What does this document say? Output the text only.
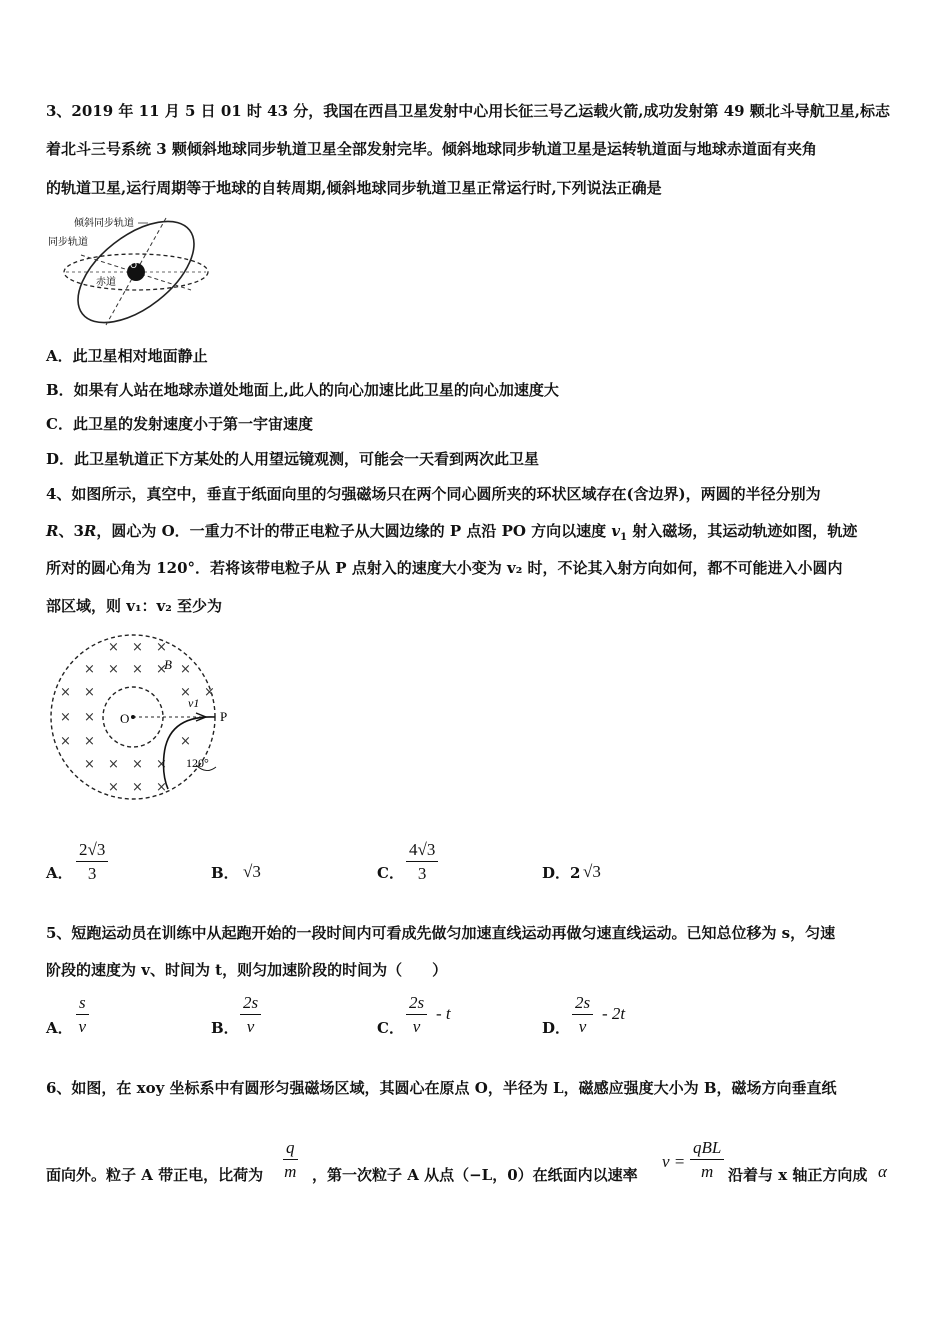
3、2019 年 11 月 5 日 01 时 43 分，我国在西昌卫星发射中心用长征三号乙运载火箭,成功发射第 49 颗北斗导航卫星,标志
着北斗三号系统 3 颗倾斜地球同步轨道卫星全部发射完毕。倾斜地球同步轨道卫星是运转轨道面与地球赤道面有夹角
的轨道卫星,运行周期等于地球的自转周期,倾斜地球同步轨道卫星正常运行时,下列说法正确是
倾斜同步轨道
同步轨道
赤道
O
A．此卫星相对地面静止
B．如果有人站在地球赤道处地面上,此人的向心加速比此卫星的向心加速度大
C．此卫星的发射速度小于第一宇宙速度
D．此卫星轨道正下方某处的人用望远镜观测，可能会一天看到两次此卫星
4、如图所示，真空中，垂直于纸面向里的匀强磁场只在两个同心圆所夹的环状区域存在(含边界)，两圆的半径分别为
R、3R，圆心为 O．一重力不计的带正电粒子从大圆边缘的 P 点沿 PO 方向以速度 $v_1$ 射入磁场，其运动轨迹如图，轨迹
所对的圆心角为 120°．若将该带电粒子从 P 点射入的速度大小变为 v₂ 时，不论其入射方向如何，都不可能进入小圆内
部区域，则 v₁：v₂ 至少为
× × ×
× × × × ×
× ×	× ×
× ×
× ×	×
× × × ×
× × ×
B
O
v1
P
120°
A． $\frac{2√3}{3}$	B． √3	C． $\frac{4√3}{3}$	D．2 √3
5、短跑运动员在训练中从起跑开始的一段时间内可看成先做匀加速直线运动再做匀速直线运动。已知总位移为 s，匀速
阶段的速度为 v、时间为 t，则匀加速阶段的时间为（　　）
A． $\frac{s}{v}$	B． $\frac{2s}{v}$	C． $\frac{2s}{v}$ - t
D． $\frac{2s}{v} - 2t$
6、如图，在 xoy 坐标系中有圆形匀强磁场区域，其圆心在原点 O，半径为 L，磁感应强度大小为 B，磁场方向垂直纸
面向外。粒子 A 带正电，比荷为 $\frac{q}{m}$ ，第一次粒子 A 从点（−L，0）在纸面内以速率
v =
qBL
m 沿着与 x 轴正方向成 α
